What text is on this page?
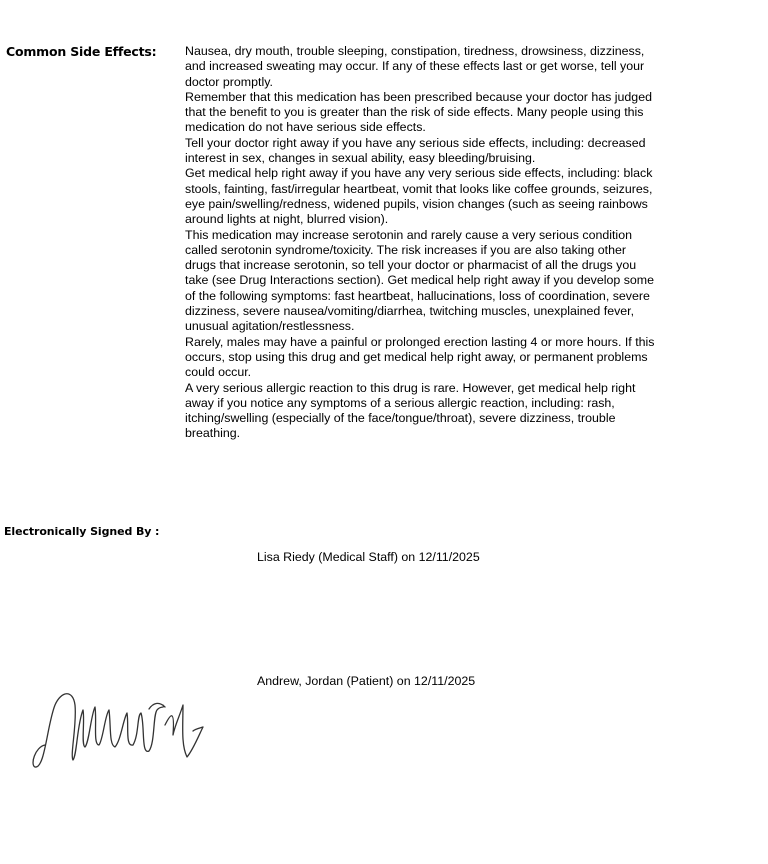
Common Side Effects: Nausea, dry mouth, trouble sleeping, constipation, tiredness, drowsiness, dizziness, and increased sweating may occur. If any of these effects last or get worse, tell your doctor promptly.

Remember that this medication has been prescribed because your doctor has judged that the benefit to you is greater than the risk of side effects. Many people using this medication do not have serious side effects.

Tell your doctor right away if you have any serious side effects, including: decreased interest in sex, changes in sexual ability, easy bleeding/bruising.

Get medical help right away if you have any very serious side effects, including: black stools, fainting, fast/irregular heartbeat, vomit that looks like coffee grounds, seizures, eye pain/swelling/redness, widened pupils, vision changes (such as seeing rainbows around lights at night, blurred vision).

This medication may increase serotonin and rarely cause a very serious condition called serotonin syndrome/toxicity. The risk increases if you are also taking other drugs that increase serotonin, so tell your doctor or pharmacist of all the drugs you take (see Drug Interactions section). Get medical help right away if you develop some of the following symptoms: fast heartbeat, hallucinations, loss of coordination, severe dizziness, severe nausea/vomiting/diarrhea, twitching muscles, unexplained fever, unusual agitation/restlessness.

Rarely, males may have a painful or prolonged erection lasting 4 or more hours. If this occurs, stop using this drug and get medical help right away, or permanent problems could occur.

A very serious allergic reaction to this drug is rare. However, get medical help right away if you notice any symptoms of a serious allergic reaction, including: rash, itching/swelling (especially of the face/tongue/throat), severe dizziness, trouble breathing.

Electronically Signed By :
Lisa Riedy (Medical Staff) on 12/11/2025
Andrew, Jordan (Patient) on 12/11/2025
